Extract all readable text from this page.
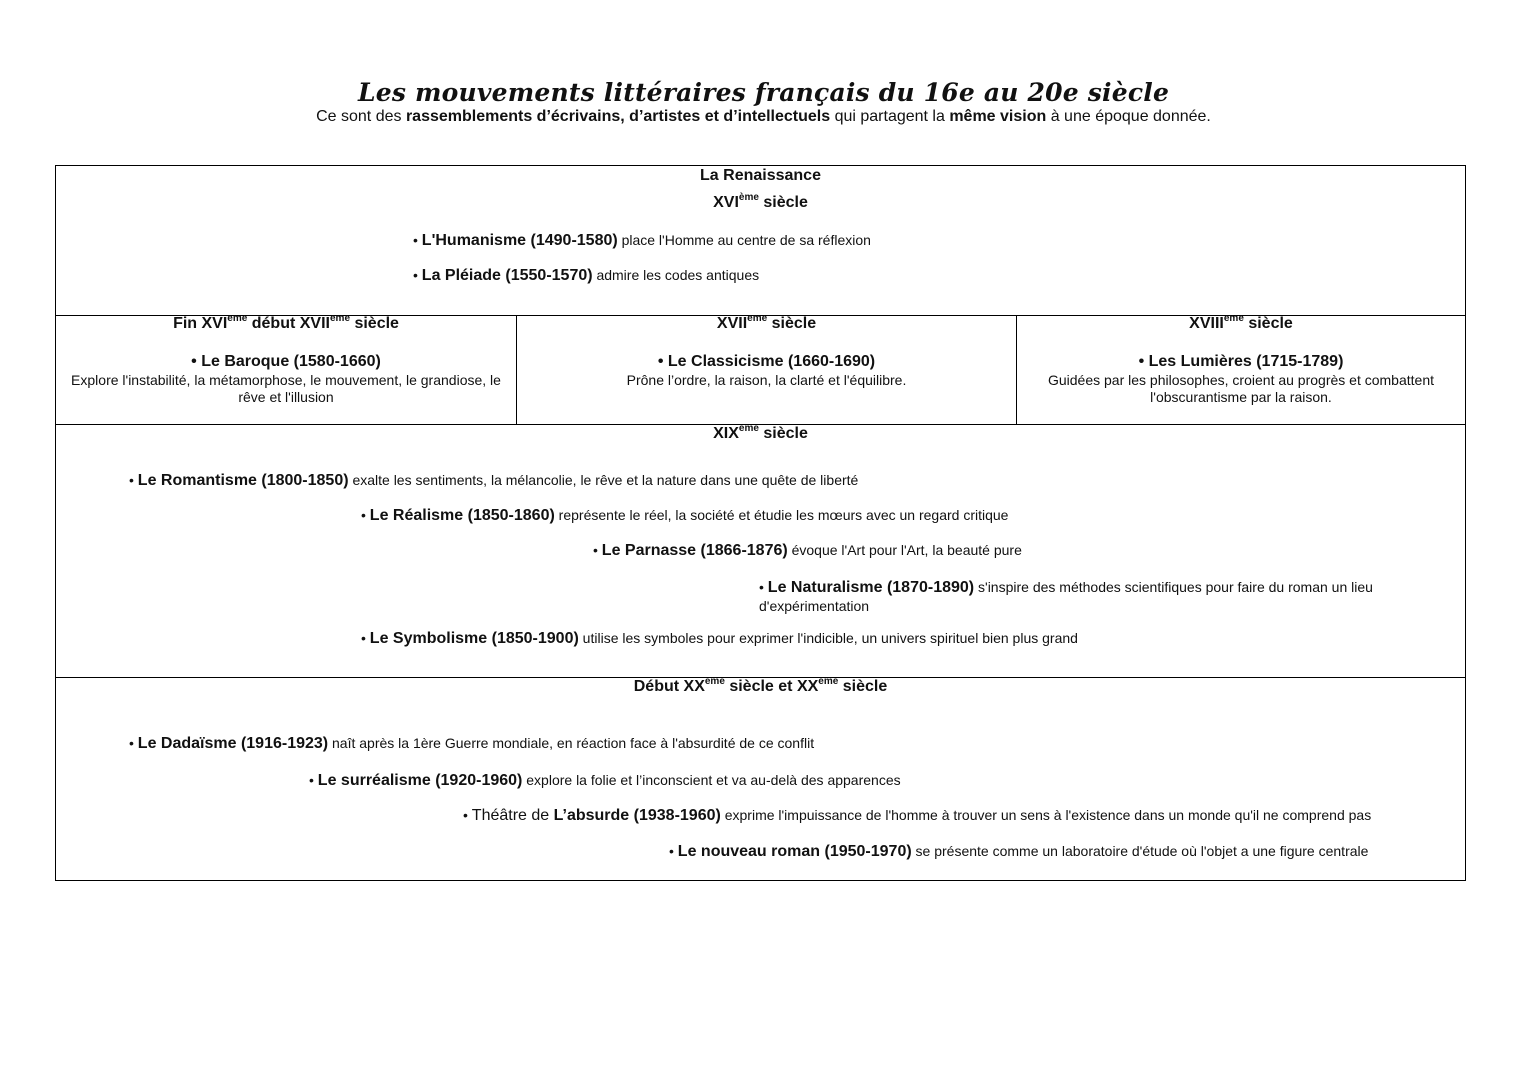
Les mouvements littéraires français du 16e au 20e siècle
Ce sont des rassemblements d’écrivains, d’artistes et d’intellectuels qui partagent la même vision à une époque donnée.
La Renaissance
XVIème siècle
• L'Humanisme (1490-1580) place l'Homme au centre de sa réflexion
• La Pléiade (1550-1570) admire les codes antiques
Fin XVIeme début XVIIeme siècle
• Le Baroque (1580-1660)
Explore l'instabilité, la métamorphose, le mouvement, le grandiose, le rêve et l'illusion
XVIIeme siècle
• Le Classicisme (1660-1690)
Prône l’ordre, la raison, la clarté et l'équilibre.
XVIIIeme siècle
• Les Lumières (1715-1789)
Guidées par les philosophes, croient au progrès et combattent l'obscurantisme par la raison.
XIXeme siècle
• Le Romantisme (1800-1850) exalte les sentiments, la mélancolie, le rêve et la nature dans une quête de liberté
• Le Réalisme (1850-1860) représente le réel, la société et étudie les mœurs avec un regard critique
• Le Parnasse (1866-1876) évoque l'Art pour l'Art, la beauté pure
• Le Naturalisme (1870-1890) s'inspire des méthodes scientifiques pour faire du roman un lieu d'expérimentation
• Le Symbolisme (1850-1900) utilise les symboles pour exprimer l'indicible, un univers spirituel bien plus grand
Début XXeme siècle et XXeme siècle
• Le Dadaïsme (1916-1923) naît après la 1ère Guerre mondiale, en réaction face à l'absurdité de ce conflit
• Le surréalisme (1920-1960) explore la folie et l’inconscient et va au-delà des apparences
• Théâtre de L’absurde (1938-1960) exprime l'impuissance de l'homme à trouver un sens à l'existence dans un monde qu'il ne comprend pas
• Le nouveau roman (1950-1970) se présente comme un laboratoire d'étude où l'objet a une figure centrale
